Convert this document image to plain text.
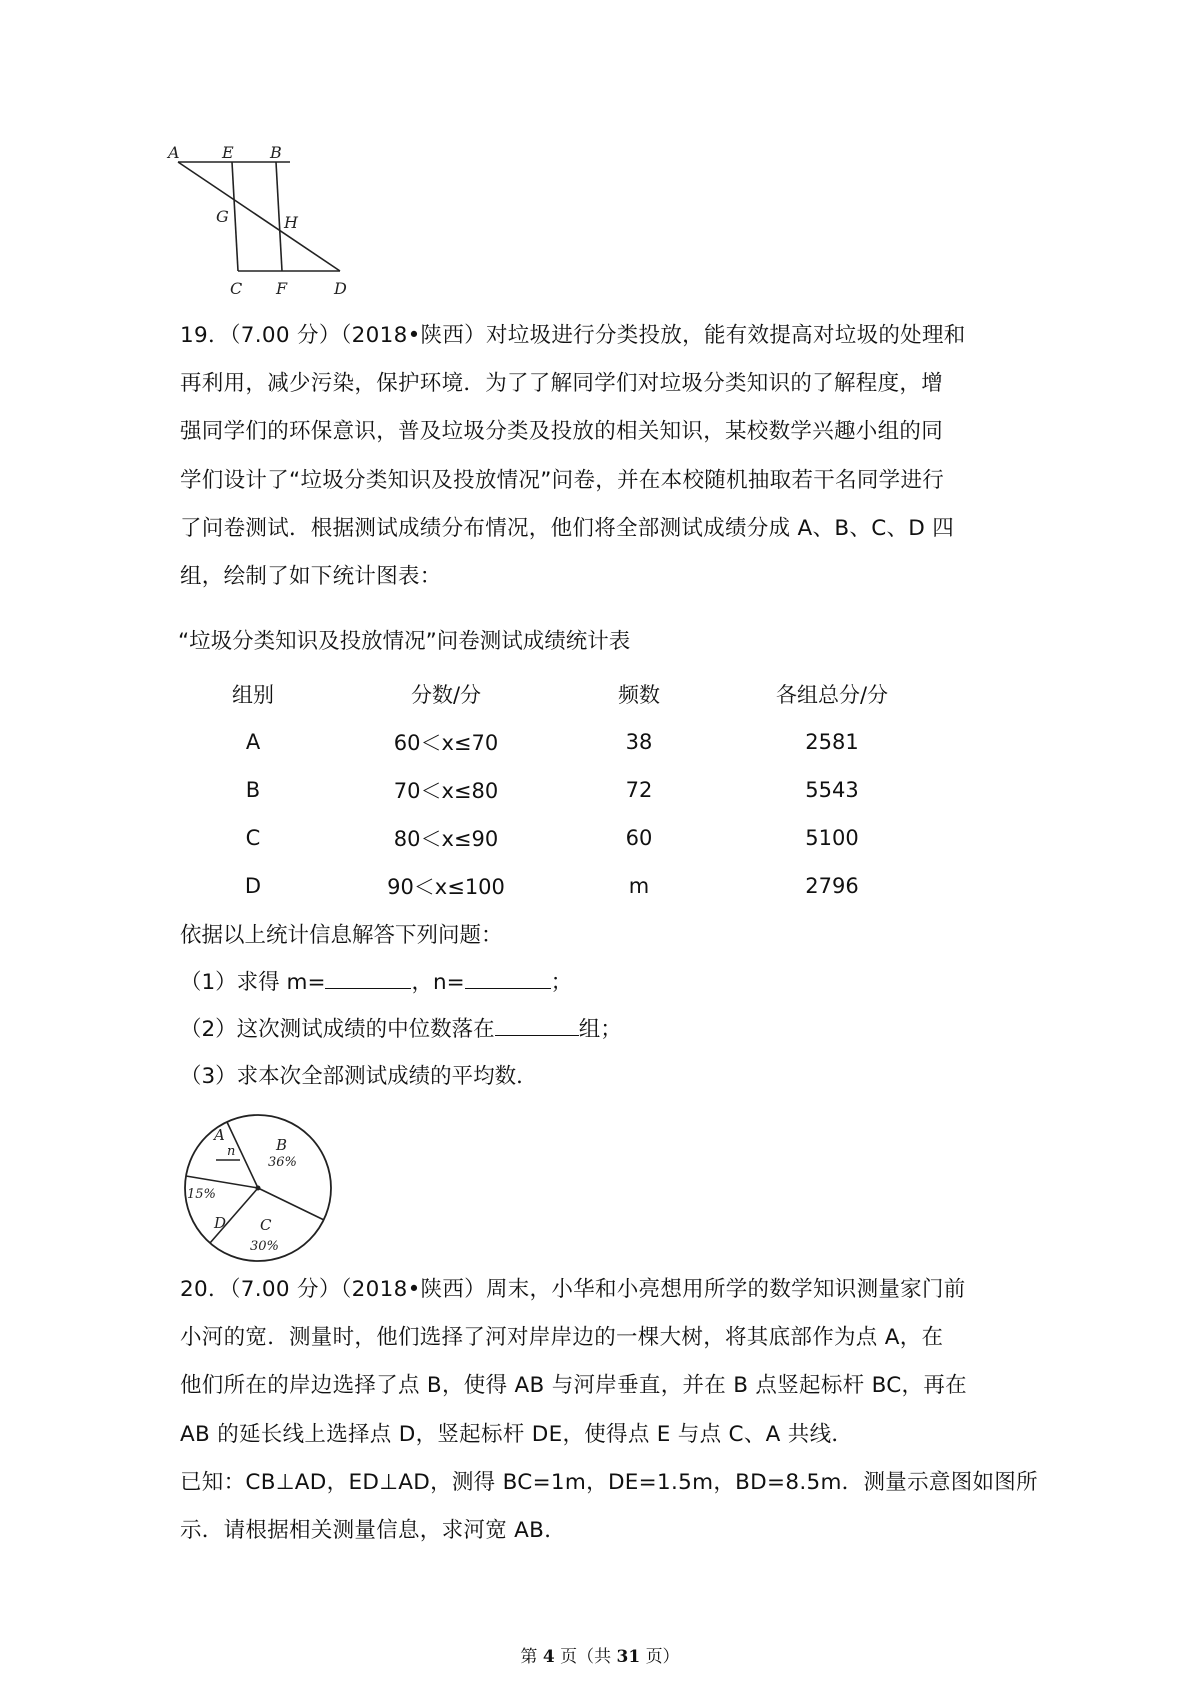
A	E B
G	H
C F	D
19．（7.00 分）（2018•陕西）对垃圾进行分类投放，能有效提高对垃圾的处理和
再利用，减少污染，保护环境．为了了解同学们对垃圾分类知识的了解程度，增
强同学们的环保意识，普及垃圾分类及投放的相关知识，某校数学兴趣小组的同
学们设计了“垃圾分类知识及投放情况”问卷，并在本校随机抽取若干名同学进行
了问卷测试．根据测试成绩分布情况，他们将全部测试成绩分成 A、B、C、D 四
组，绘制了如下统计图表：
“垃圾分类知识及投放情况”问卷测试成绩统计表
组别	分数/分	频数	各组总分/分
A	60＜x≤70	38	2581
B	70＜x≤80	72	5543
C	80＜x≤90	60	5100
D	90＜x≤100	m	2796
依据以上统计信息解答下列问题：
（1）求得 m=	，n=	；
（2）这次测试成绩的中位数落在	组；
（3）求本次全部测试成绩的平均数．
A
n	B
36%
C
30%
D
15%
20．（7.00 分）（2018•陕西）周末，小华和小亮想用所学的数学知识测量家门前
小河的宽．测量时，他们选择了河对岸岸边的一棵大树，将其底部作为点 A，在
他们所在的岸边选择了点 B，使得 AB 与河岸垂直，并在 B 点竖起标杆 BC，再在
AB 的延长线上选择点 D，竖起标杆 DE，使得点 E 与点 C、A 共线．
已知：CB⊥AD，ED⊥AD，测得 BC=1m，DE=1.5m，BD=8.5m．测量示意图如图所
示．请根据相关测量信息，求河宽 AB．
第 4 页（共 31 页）
